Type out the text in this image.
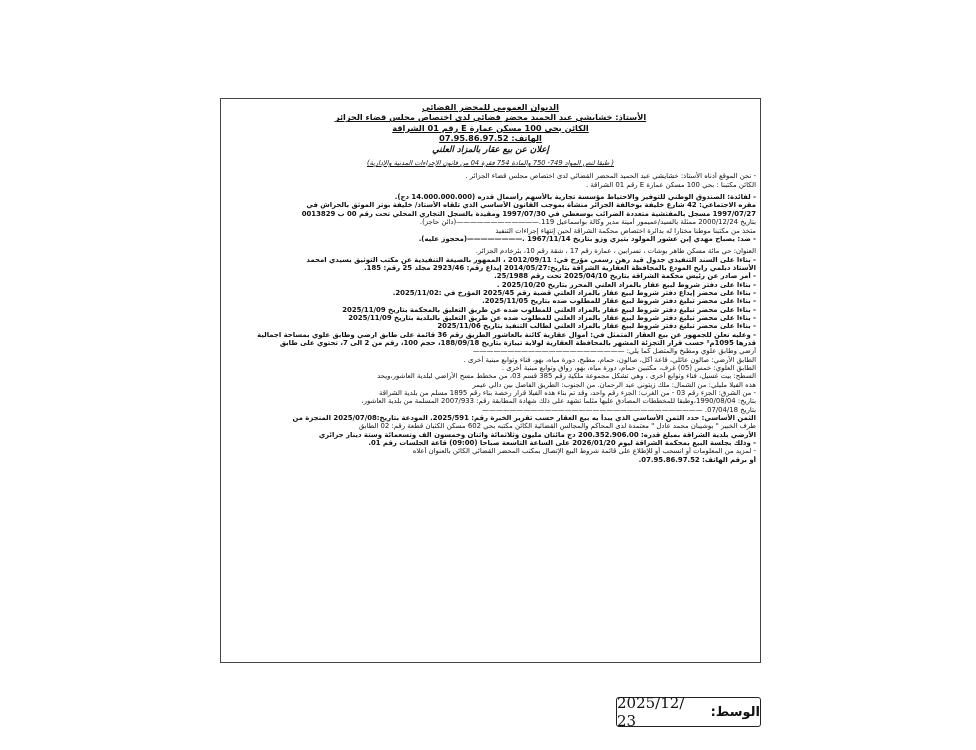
الديوان العمومي للمحضر القضائي
الأستاذ: خشايشي عبد الحميد محضر قضائي لدى اختصاص مجلس قضاء الجزائر
الكائن بحي 100 مسكن عمارة E رقم 01 الشراقة
الهاتف: 07.95.86.97.52
إعلان عن بيع عقار بالمزاد العلني
( طبقا لنص المواد 749- 750 والمادة 754 فقرة 04 من قانون الإجراءات المدنية والإدارية)
- نحن الموقع أدناه الأستاذ: خشايشي عبد الحميد المحضر القضائي لدى اختصاص مجلس قضاء الجزائر .
الكائن مكتبنا : بحي 100 مسكن عمارة E رقم 01 الشراقة .
- لفائدة: الصندوق الوطني للتوفير والاحتياط مؤسسة تجارية بالأسهم رأسمال قدره (14.000.000.000 دج).
مقره الاجتماعي: 42 شارع خليفة بوخالفة الجزائر منشأة بموجب القانون الأساسي الذي تلقاه الأستاذ/ خليفة بوتر الموثق بالحراش في
1997/07/27 مسجل بالمفتشية متعددة الضرائب بوسعطي في 1997/07/30 ومقيدة بالسجل التجاري المحلي تحت رقم 00 ب 0013829
بتاريخ 2000/12/24 ممثلة بالسيد/عميمور أمينة مدير وكالة بواسماعيل 119.————————————(دائن حاجز).
متخذ من مكتبنا موطنا مختارا له بدائرة اختصاص محكمة الشراقة لحين إنتهاء إجراءات التنفيذ
- ضد: يصباح مهدي إبن عشور المولود بتيزي وزو بتاريخ 1967/11/14 .————————(محجوز عليه).
العنوان: حي مائة مسكن طاهر بوشات ، تسرابين ، عمارة رقم 17 ، شقة رقم 10، بئرخادم الجزائر.
- بناءا على السند التنفيذي جدول قيد رهن رسمي مؤرخ في: 2012/09/11 ، الممهور بالصيغة التنفيذية عن مكتب التوثيق بسيدي امحمد
الأستاذ دبلمي رابح المودع بالمحافظة العقارية الشراقة بتاريخ:2014/05/27 إيداع رقم: 2923/46 مجلد 25 رقم: 185.
- أمر صادر عن رئيس محكمة الشراقة بتاريخ 2025/04/10 تحت رقم 25/1988.
- بناءا على دفتر شروط لبيع عقار بالمزاد العلني المحرر بتاريخ 2025/10/20 .
- بناءا على محضر إيداع دفتر شروط لبيع عقار بالمزاد العلني قضية رقم 2025/45 المؤرخ في :2025/11/02.
- بناءا على محضر تبليغ دفتر شروط لبيع عقار للمطلوب ضده بتاريخ 2025/11/05.
- بناءا على محضر تبليغ دفتر شروط لبيع عقار بالمزاد العلني للمطلوب ضده عن طريق التعليق بالمحكمة بتاريخ 2025/11/09
- بناءا على محضر تبليغ دفتر شروط لبيع عقار بالمزاد العلني للمطلوب ضده عن طريق التعليق بالبلدية بتاريخ 2025/11/09
- بناءا على محضر تبليغ دفتر شروط لبيع عقار بالمزاد العلني لطالب التنفيذ بتاريخ 2025/11/06
- وعليه نعلن للجمهور عن بيع العقار المتمثل في: أموال عقارية كائنة بالعاشور الطريق رقم 36 قائمة على طابق ارضي وطابق علوي بمساحة اجمالية
قدرها 1095م² حسب قرار التجزئة المشهر بالمحافظة العقارية لولاية تيبازة بتاريخ 188/09/18، حجم 100، رقم من 2 الى 7، تحتوي على طابق
أرضي وطابق علوي ومطبخ والمتصل كما يلي: ——————————————————————
الطابق الأرضي: صالون عائلي، قاعة أكل، صالون، حمام، مطبخ، دورة مياه، بهو، فناء وتوابع مبنية أخرى .
الطابق العلوي: خمس (05) غرف، مكتبين حمام، دورة مياه، بهو، رواق وتوابع مبنية أخرى .
السطح: بيت غسيل، فناء وتوابع أخرى ، وهي تشكل مجموعة ملكية رقم 385 قسم 03، من مخطط مسح الأراضي لبلدية العاشور،ويحد
هذه الفيلا مليلي: من الشمال: ملك زيتوني عبد الرحمان. من الجنوب: الطريق الفاصل بين دالي عيمر
- من الشرق: الجزء رقم 03 - من الغرب: الجزء رقم واحد، وقد تم بناء هذه الفيلا قرار رخصة بناء رقم 1895 مسلم من بلدية الشراقة
بتاريخ: 1990/08/04،وطبقا للمخططات المصادق عليها مثلما تشهد على ذلك شهادة المطابقة رقم: 2007/933 المسلمة من بلدية العاشور،
بتاريخ 07/04/18. ————————————————————————————————
الثمن الأساسي: حدد الثمن الأساسي الذي يبدأ به بيع العقار حسب تقرير الخبرة رقم: 2025/591. المودعة بتاريخ:2025/07/08 المنجزة من
طرف الخبير " بوشيبان محمد عادل " معتمدة لدى المحاكم والمجالس القضائية الكائن مكتبه بحي 602 مسكن الكثبان قطعة رقم: 02 الطابق
الأرضي بلدية الشراقة بمبلغ قدره: 200.352.906.00 دج مائتان مليون وثلاثمائة واثنان وخمسون الف وتسعمائة وستة دينار جزائري
- وذلك بجلسة البيع بمحكمة الشراقة ليوم 2026/01/20 على الساعة التاسعة صباحا (09:00) قاعة الجلسات رقم 01.
- لمزيد من المعلومات أو انسحب أو للإطلاع على قائمة شروط البيع الإتصال بمكتب المحضر القضائي الكائن بالعنوان أعلاه
أو برقم الهاتف: 07.95.86.97.52.
الوسط:
2025/12/ 23
